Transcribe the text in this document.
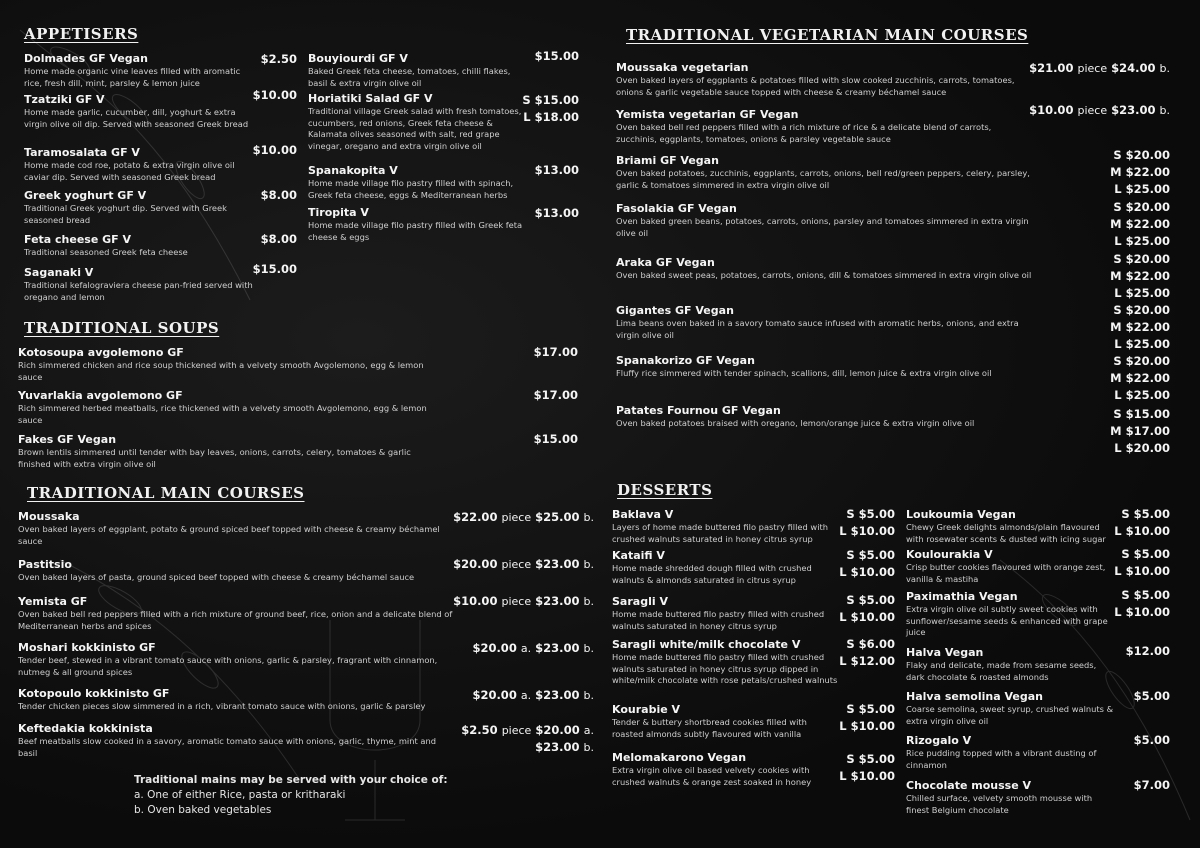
APPETISERS
Dolmades GF Vegan
Home made organic vine leaves filled with aromatic rice, fresh dill, mint, parsley & lemon juice
$2.50
Tzatziki GF V
Home made garlic, cucumber, dill, yoghurt & extra virgin olive oil dip. Served with seasoned Greek bread
$10.00
Taramosalata GF V
Home made cod roe, potato & extra virgin olive oil caviar dip. Served with seasoned Greek bread
$10.00
Greek yoghurt GF V
Traditional Greek yoghurt dip. Served with Greek seasoned bread
$8.00
Feta cheese GF V
Traditional seasoned Greek feta cheese
$8.00
Saganaki V
Traditional kefalograviera cheese pan-fried served with oregano and lemon
$15.00
Bouyiourdi GF V
Baked Greek feta cheese, tomatoes, chilli flakes, basil & extra virgin olive oil
$15.00
Horiatiki Salad GF V
Traditional village Greek salad with fresh tomatoes, cucumbers, red onions, Greek feta cheese & Kalamata olives seasoned with salt, red grape vinegar, oregano and extra virgin olive oil
S $15.00
L $18.00
Spanakopita V
Home made village filo pastry filled with spinach, Greek feta cheese, eggs & Mediterranean herbs
$13.00
Tiropita V
Home made village filo pastry filled with Greek feta cheese & eggs
$13.00
TRADITIONAL SOUPS
Kotosoupa avgolemono GF
Rich simmered chicken and rice soup thickened with a velvety smooth Avgolemono, egg & lemon sauce
$17.00
Yuvarlakia avgolemono GF
Rich simmered herbed meatballs, rice thickened with a velvety smooth Avgolemono, egg & lemon sauce
$17.00
Fakes GF Vegan
Brown lentils simmered until tender with bay leaves, onions, carrots, celery, tomatoes & garlic finished with extra virgin olive oil
$15.00
TRADITIONAL MAIN COURSES
Moussaka
Oven baked layers of eggplant, potato & ground spiced beef topped with cheese & creamy béchamel sauce
$22.00 piece $25.00 b.
Pastitsio
Oven baked layers of pasta, ground spiced beef topped with cheese & creamy béchamel sauce
$20.00 piece $23.00 b.
Yemista GF
Oven baked bell red peppers filled with a rich mixture of ground beef, rice, onion and a delicate blend of Mediterranean herbs and spices
$10.00 piece $23.00 b.
Moshari kokkinisto GF
Tender beef, stewed in a vibrant tomato sauce with onions, garlic & parsley, fragrant with cinnamon, nutmeg & all ground spices
$20.00 a. $23.00 b.
Kotopoulo kokkinisto GF
Tender chicken pieces slow simmered in a rich, vibrant tomato sauce with onions, garlic & parsley
$20.00 a. $23.00 b.
Keftedakia kokkinista
Beef meatballs slow cooked in a savory, aromatic tomato sauce with onions, garlic, thyme, mint and basil
$2.50 piece $20.00 a.
$23.00 b.
Traditional mains may be served with your choice of:
a. One of either Rice, pasta or kritharaki
b. Oven baked vegetables
TRADITIONAL VEGETARIAN MAIN COURSES
Moussaka vegetarian
Oven baked layers of eggplants & potatoes filled with slow cooked zucchinis, carrots, tomatoes, onions & garlic vegetable sauce topped with cheese & creamy béchamel sauce
$21.00 piece $24.00 b.
Yemista vegetarian GF Vegan
Oven baked bell red peppers filled with a rich mixture of rice & a delicate blend of carrots, zucchinis, eggplants, tomatoes, onions & parsley vegetable sauce
$10.00 piece $23.00 b.
Briami GF Vegan
Oven baked potatoes, zucchinis, eggplants, carrots, onions, bell red/green peppers, celery, parsley, garlic & tomatoes simmered in extra virgin olive oil
S $20.00
M $22.00
L $25.00
Fasolakia GF Vegan
Oven baked green beans, potatoes, carrots, onions, parsley and tomatoes simmered in extra virgin olive oil
S $20.00
M $22.00
L $25.00
Araka GF Vegan
Oven baked sweet peas, potatoes, carrots, onions, dill & tomatoes simmered in extra virgin olive oil
S $20.00
M $22.00
L $25.00
Gigantes GF Vegan
Lima beans oven baked in a savory tomato sauce infused with aromatic herbs, onions, and extra virgin olive oil
S $20.00
M $22.00
L $25.00
Spanakorizo GF Vegan
Fluffy rice simmered with tender spinach, scallions, dill, lemon juice & extra virgin olive oil
S $20.00
M $22.00
L $25.00
Patates Fournou GF Vegan
Oven baked potatoes braised with oregano, lemon/orange juice & extra virgin olive oil
S $15.00
M $17.00
L $20.00
DESSERTS
Baklava V
Layers of home made buttered filo pastry filled with crushed walnuts saturated in honey citrus syrup
S $5.00
L $10.00
Kataifi V
Home made shredded dough filled with crushed walnuts & almonds saturated in citrus syrup
S $5.00
L $10.00
Saragli V
Home made buttered filo pastry filled with crushed walnuts saturated in honey citrus syrup
S $5.00
L $10.00
Saragli white/milk chocolate V
Home made buttered filo pastry filled with crushed walnuts saturated in honey citrus syrup dipped in white/milk chocolate with rose petals/crushed walnuts
S $6.00
L $12.00
Kourabie V
Tender & buttery shortbread cookies filled with roasted almonds subtly flavoured with vanilla
S $5.00
L $10.00
Melomakarono Vegan
Extra virgin olive oil based velvety cookies with crushed walnuts & orange zest soaked in honey
S $5.00
L $10.00
Loukoumia Vegan
Chewy Greek delights almonds/plain flavoured with rosewater scents & dusted with icing sugar
S $5.00
L $10.00
Koulourakia V
Crisp butter cookies flavoured with orange zest, vanilla & mastiha
S $5.00
L $10.00
Paximathia Vegan
Extra virgin olive oil subtly sweet cookies with sunflower/sesame seeds & enhanced with grape juice
S $5.00
L $10.00
Halva Vegan
Flaky and delicate, made from sesame seeds, dark chocolate & roasted almonds
$12.00
Halva semolina Vegan
Coarse semolina, sweet syrup, crushed walnuts & extra virgin olive oil
$5.00
Rizogalo V
Rice pudding topped with a vibrant dusting of cinnamon
$5.00
Chocolate mousse V
Chilled surface, velvety smooth mousse with finest Belgium chocolate
$7.00
